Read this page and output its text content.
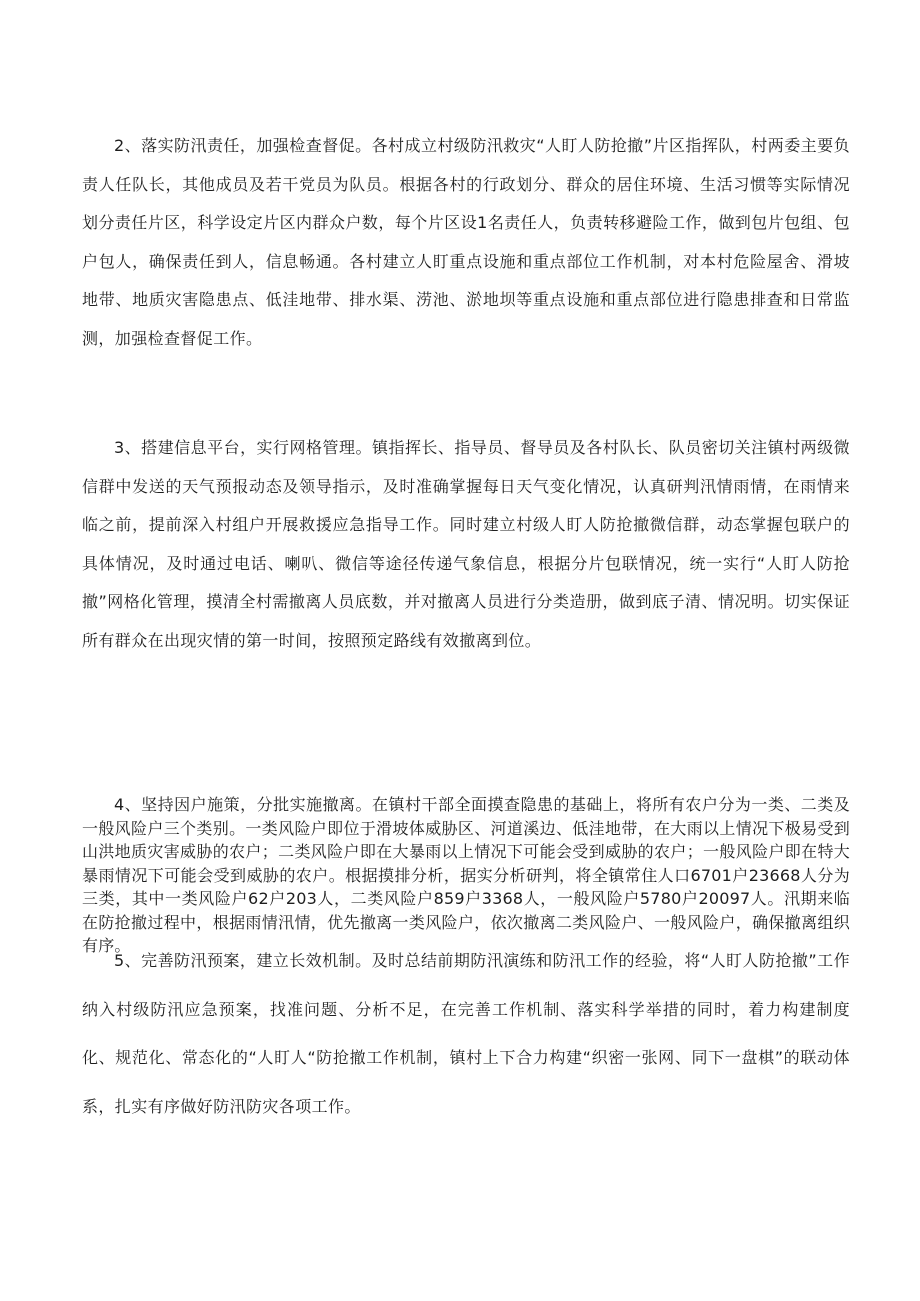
2、落实防汛责任，加强检查督促。各村成立村级防汛救灾“人盯人防抢撤”片区指挥队，村两委主要负责人任队长，其他成员及若干党员为队员。根据各村的行政划分、群众的居住环境、生活习惯等实际情况划分责任片区，科学设定片区内群众户数，每个片区设1名责任人，负责转移避险工作，做到包片包组、包户包人，确保责任到人，信息畅通。各村建立人盯重点设施和重点部位工作机制，对本村危险屋舍、滑坡地带、地质灾害隐患点、低洼地带、排水渠、涝池、淤地坝等重点设施和重点部位进行隐患排查和日常监测，加强检查督促工作。

3、搭建信息平台，实行网格管理。镇指挥长、指导员、督导员及各村队长、队员密切关注镇村两级微信群中发送的天气预报动态及领导指示，及时准确掌握每日天气变化情况，认真研判汛情雨情，在雨情来临之前，提前深入村组户开展救援应急指导工作。同时建立村级人盯人防抢撤微信群，动态掌握包联户的具体情况，及时通过电话、喇叭、微信等途径传递气象信息，根据分片包联情况，统一实行“人盯人防抢撤”网格化管理，摸清全村需撤离人员底数，并对撤离人员进行分类造册，做到底子清、情况明。切实保证所有群众在出现灾情的第一时间，按照预定路线有效撤离到位。

4、坚持因户施策，分批实施撤离。在镇村干部全面摸查隐患的基础上，将所有农户分为一类、二类及一般风险户三个类别。一类风险户即位于滑坡体威胁区、河道溪边、低洼地带，在大雨以上情况下极易受到山洪地质灾害威胁的农户；二类风险户即在大暴雨以上情况下可能会受到威胁的农户；一般风险户即在特大暴雨情况下可能会受到威胁的农户。根据摸排分析，据实分析研判，将全镇常住人口6701户23668人分为三类，其中一类风险户62户203人，二类风险户859户3368人，一般风险户5780户20097人。汛期来临在防抢撤过程中，根据雨情汛情，优先撤离一类风险户，依次撤离二类风险户、一般风险户，确保撤离组织有序。

5、完善防汛预案，建立长效机制。及时总结前期防汛演练和防汛工作的经验，将“人盯人防抢撤”工作纳入村级防汛应急预案，找准问题、分析不足，在完善工作机制、落实科学举措的同时，着力构建制度化、规范化、常态化的“人盯人“防抢撤工作机制，镇村上下合力构建“织密一张网、同下一盘棋”的联动体系，扎实有序做好防汛防灾各项工作。
